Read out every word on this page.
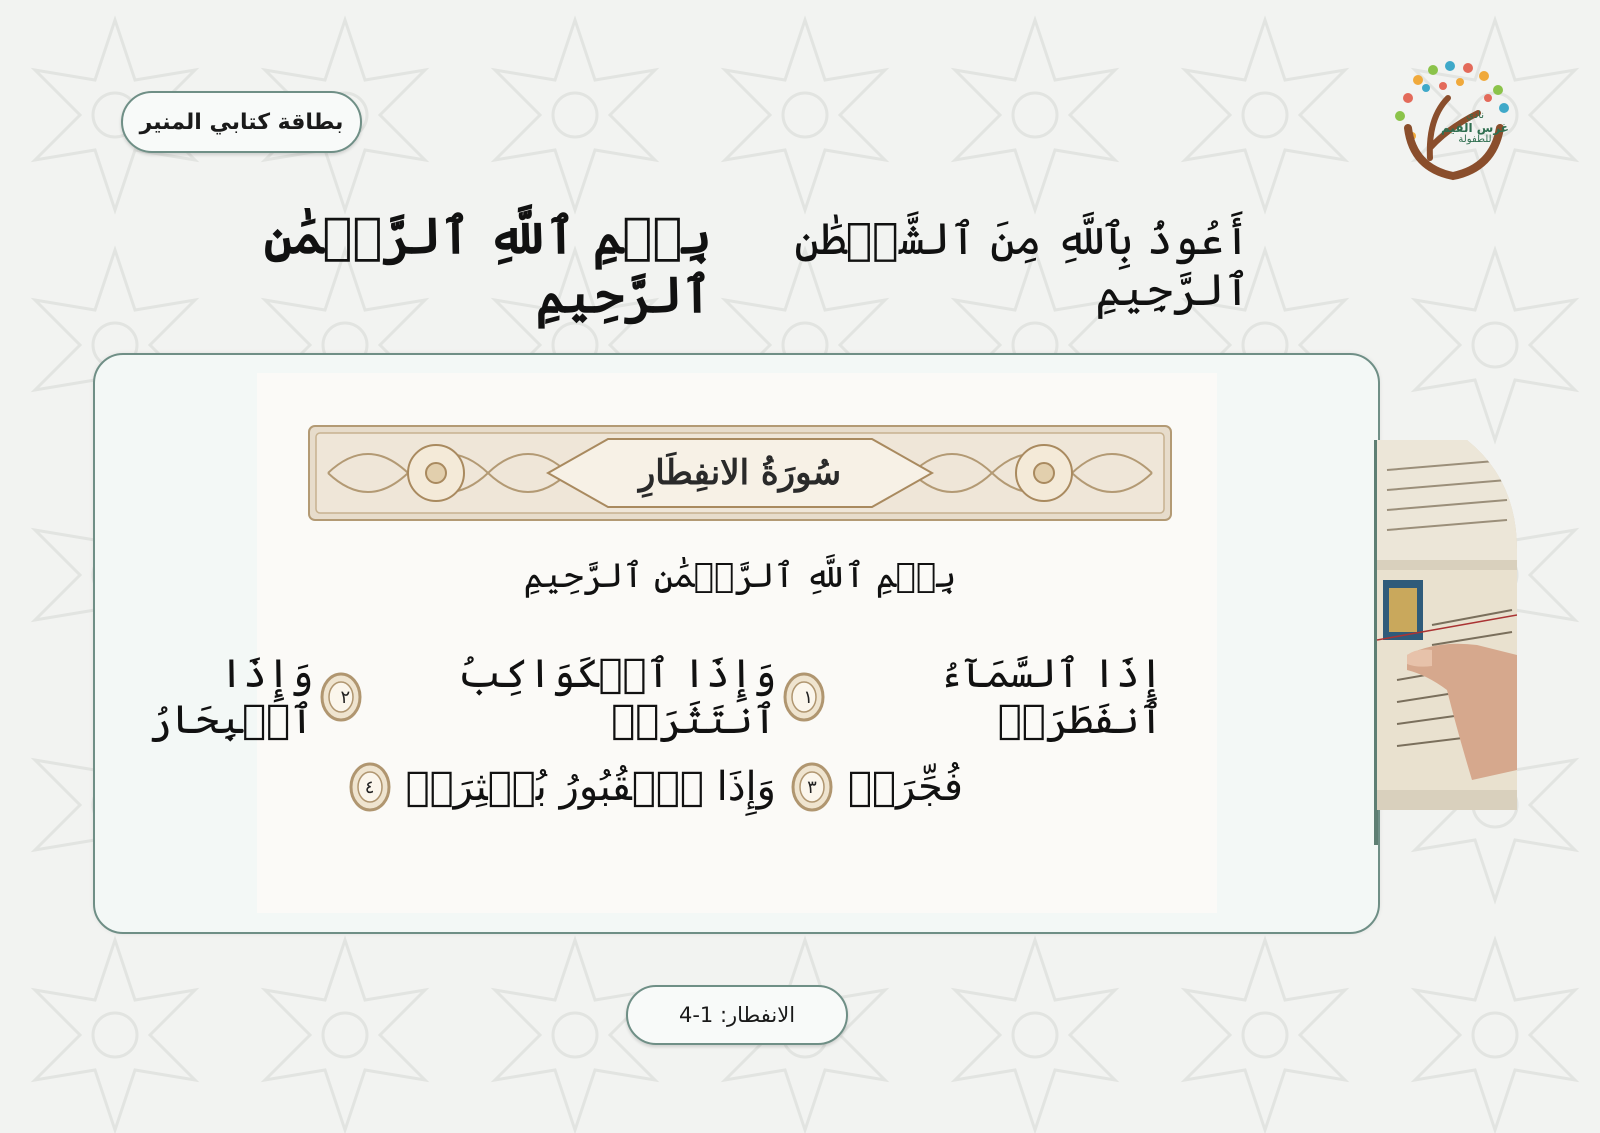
بطاقة كتابي المنير	نادي
غرس القيم
للطفولة
أَعُوذُ بِٱللَّهِ مِنَ ٱلشَّيۡطَٰنِ ٱلرَّجِيمِ
بِسۡمِ ٱللَّهِ ٱلرَّحۡمَٰنِ ٱلرَّحِيمِ
سُورَةُ الانفِطَارِ
بِسۡمِ ٱللَّهِ ٱلرَّحۡمَٰنِ ٱلرَّحِيمِ
إِذَا ٱلسَّمَآءُ ٱنفَطَرَتۡ
١
وَإِذَا ٱلۡكَوَاكِبُ ٱنتَثَرَتۡ
٢
وَإِذَا ٱلۡبِحَارُ
فُجِّرَتۡ
٣
وَإِذَا ٱلۡقُبُورُ بُعۡثِرَتۡ
٤
الانفطار: 1-4
